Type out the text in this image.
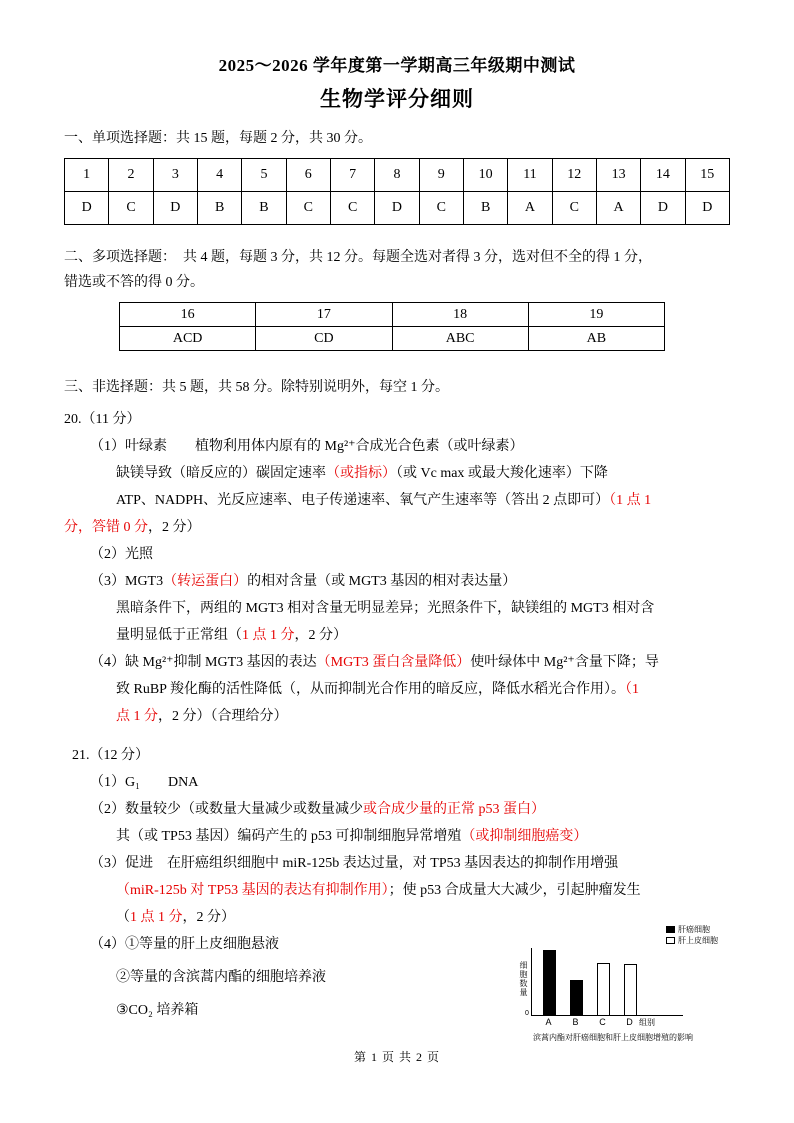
2025～2026 学年度第一学期高三年级期中测试
生物学评分细则

一、单项选择题：共 15 题，每题 2 分，共 30 分。

1	2	3	4	5	6	7	8	9	10	11	12	13	14	15
D	C	D	B	B	C	C	D	C	B	A	C	A	D	D

二、多项选择题：　共 4 题，每题 3 分，共 12 分。每题全选对者得 3 分，选对但不全的得 1 分，

错选或不答的得 0 分。

16	17	18	19
ACD	CD	ABC	AB

三、非选择题：共 5 题，共 58 分。除特别说明外，每空 1 分。

20.（11 分）

（1）叶绿素　　植物利用体内原有的 Mg²⁺合成光合色素（或叶绿素）

缺镁导致（暗反应的）碳固定速率（或指标）（或 Vc max 或最大羧化速率）下降

ATP、NADPH、光反应速率、电子传递速率、氧气产生速率等（答出 2 点即可）（1 点 1

分，答错 0 分，2 分）

（2）光照

（3）MGT3（转运蛋白）的相对含量（或 MGT3 基因的相对表达量）

黑暗条件下，两组的 MGT3 相对含量无明显差异；光照条件下，缺镁组的 MGT3 相对含

量明显低于正常组（1 点 1 分，2 分）

（4）缺 Mg²⁺抑制 MGT3 基因的表达（MGT3 蛋白含量降低）使叶绿体中 Mg²⁺含量下降；导

致 RuBP 羧化酶的活性降低（，从而抑制光合作用的暗反应，降低水稻光合作用）。（1

点 1 分，2 分）（合理给分）

21.（12 分）

（1）G₁　　DNA

（2）数量较少（或数量大量减少或数量减少或合成少量的正常 p53 蛋白）

其（或 TP53 基因）编码产生的 p53 可抑制细胞异常增殖（或抑制细胞癌变）

（3）促进　在肝癌组织细胞中 miR-125b 表达过量，对 TP53 基因表达的抑制作用增强

（miR-125b 对 TP53 基因的表达有抑制作用）；使 p53 合成量大大减少，引起肿瘤发生

（1 点 1 分，2 分）

（4）①等量的肝上皮细胞悬液

②等量的含滨蒿内酯的细胞培养液

③CO₂ 培养箱

肝癌细胞
肝上皮细胞
细胞数量
0
A	B	C	D 组别

滨蒿内酯对肝癌细胞和肝上皮细胞增殖的影响

第 1 页 共 2 页
